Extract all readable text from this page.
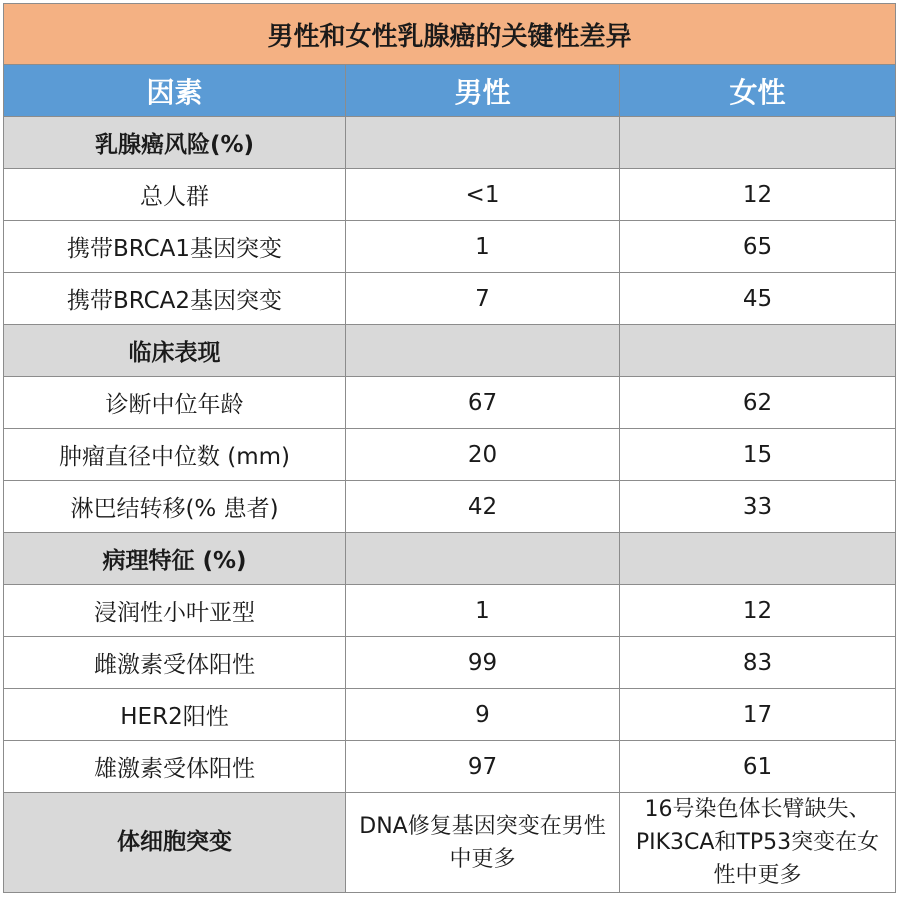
男性和女性乳腺癌的关键性差异		
因素	男性	女性
乳腺癌风险(%)		
总人群	<1	12
携带BRCA1基因突变	1	65
携带BRCA2基因突变	7	45
临床表现		
诊断中位年龄	67	62
肿瘤直径中位数 (mm)	20	15
淋巴结转移(% 患者)	42	33
病理特征 (%)		
浸润性小叶亚型	1	12
雌激素受体阳性	99	83
HER2阳性	9	17
雄激素受体阳性	97	61
体细胞突变	DNA修复基因突变在男性中更多	16号染色体长臂缺失、PIK3CA和TP53突变在女性中更多
